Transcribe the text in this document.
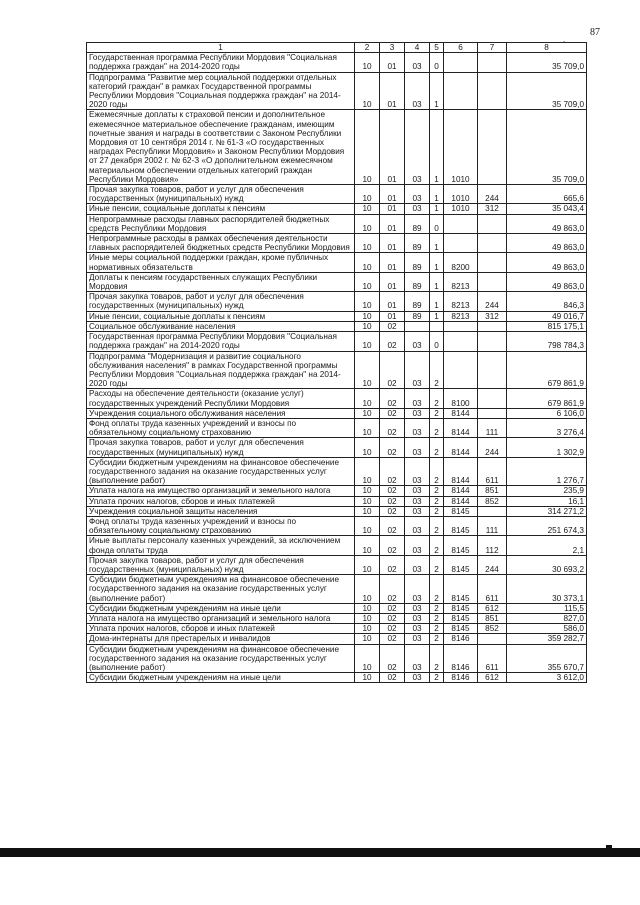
87
,
1	2	3	4	5	6	7	8
Государственная программа Республики Мордовия "Социальная поддержка граждан" на 2014-2020 годы	10	01	03	0			35 709,0
Подпрограмма "Развитие мер социальной поддержки отдельных категорий граждан" в рамках Государственной программы Республики Мордовия "Социальная поддержка граждан" на 2014-2020 годы	10	01	03	1			35 709,0
Ежемесячные доплаты к страховой пенсии и дополнительное ежемесячное материальное обеспечение гражданам, имеющим почетные звания и награды в соответствии с Законом Республики Мордовия от 10 сентября 2014 г. № 61-З «О государственных наградах Республики Мордовия» и Законом Республики Мордовия от 27 декабря 2002 г. № 62-З «О дополнительном ежемесячном материальном обеспечении отдельных категорий граждан Республики Мордовия»	10	01	03	1	1010		35 709,0
Прочая закупка товаров, работ и услуг для обеспечения государственных (муниципальных) нужд	10	01	03	1	1010	244	665,6
Иные пенсии, социальные доплаты к пенсиям	10	01	03	1	1010	312	35 043,4
Непрограммные расходы главных распорядителей бюджетных средств Республики Мордовия	10	01	89	0			49 863,0
Непрограммные расходы в рамках обеспечения деятельности главных распорядителей бюджетных средств Республики Мордовия	10	01	89	1			49 863,0
Иные меры социальной поддержки граждан, кроме публичных нормативных обязательств	10	01	89	1	8200		49 863,0
Доплаты к пенсиям государственных служащих Республики Мордовия	10	01	89	1	8213		49 863,0
Прочая закупка товаров, работ и услуг для обеспечения государственных (муниципальных) нужд	10	01	89	1	8213	244	846,3
Иные пенсии, социальные доплаты к пенсиям	10	01	89	1	8213	312	49 016,7
Социальное обслуживание населения	10	02					815 175,1
Государственная программа Республики Мордовия "Социальная поддержка граждан" на 2014-2020 годы	10	02	03	0			798 784,3
Подпрограмма "Модернизация и развитие социального обслуживания населения" в рамках Государственной программы Республики Мордовия "Социальная поддержка граждан" на 2014-2020 годы	10	02	03	2			679 861,9
Расходы на обеспечение деятельности (оказание услуг) государственных учреждений Республики Мордовия	10	02	03	2	8100		679 861,9
Учреждения социального обслуживания населения	10	02	03	2	8144		6 106,0
Фонд оплаты труда казенных учреждений и взносы по обязательному социальному страхованию	10	02	03	2	8144	111	3 276,4
Прочая закупка товаров, работ и услуг для обеспечения государственных (муниципальных) нужд	10	02	03	2	8144	244	1 302,9
Субсидии бюджетным учреждениям на финансовое обеспечение государственного задания на оказание государственных услуг (выполнение работ)	10	02	03	2	8144	611	1 276,7
Уплата налога на имущество организаций и земельного налога	10	02	03	2	8144	851	235,9
Уплата прочих налогов, сборов и иных платежей	10	02	03	2	8144	852	16,1
Учреждения социальной защиты населения	10	02	03	2	8145		314 271,2
Фонд оплаты труда казенных учреждений и взносы по обязательному социальному страхованию	10	02	03	2	8145	111	251 674,3
Иные выплаты персоналу казенных учреждений, за исключением фонда оплаты труда	10	02	03	2	8145	112	2,1
Прочая закупка товаров, работ и услуг для обеспечения государственных (муниципальных) нужд	10	02	03	2	8145	244	30 693,2
Субсидии бюджетным учреждениям на финансовое обеспечение государственного задания на оказание государственных услуг (выполнение работ)	10	02	03	2	8145	611	30 373,1
Субсидии бюджетным учреждениям на иные цели	10	02	03	2	8145	612	115,5
Уплата налога на имущество организаций и земельного налога	10	02	03	2	8145	851	827,0
Уплата прочих налогов, сборов и иных платежей	10	02	03	2	8145	852	586,0
Дома-интернаты для престарелых и инвалидов	10	02	03	2	8146		359 282,7
Субсидии бюджетным учреждениям на финансовое обеспечение государственного задания на оказание государственных услуг (выполнение работ)	10	02	03	2	8146	611	355 670,7
Субсидии бюджетным учреждениям на иные цели	10	02	03	2	8146	612	3 612,0
